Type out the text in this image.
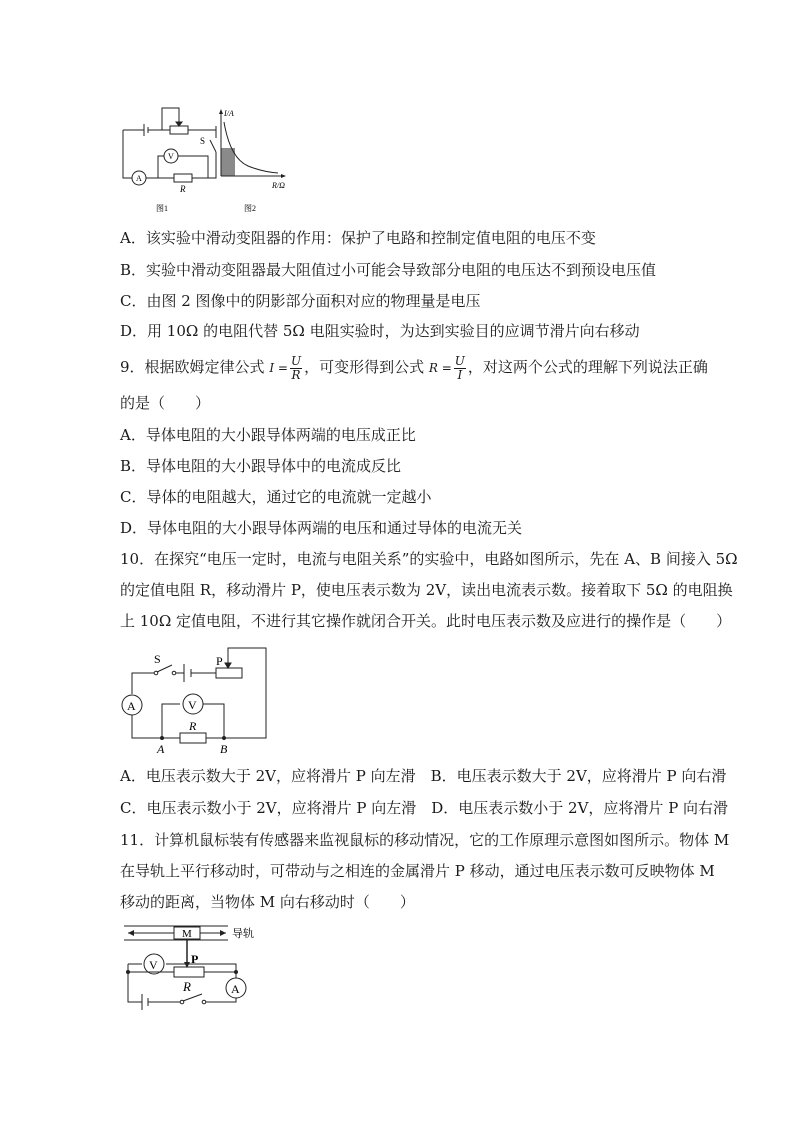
S
V
A
R
图1
I/A
R/Ω
图2
A．该实验中滑动变阻器的作用：保护了电路和控制定值电阻的电压不变
B．实验中滑动变阻器最大阻值过小可能会导致部分电阻的电压达不到预设电压值
C．由图 2 图像中的阴影部分面积对应的物理量是电压
D．用 10Ω 的电阻代替 5Ω 电阻实验时，为达到实验目的应调节滑片向右移动
9．根据欧姆定律公式 $I = \frac{U}{R}$ ，可变形得到公式 $R = \frac{U}{I}$ ，对这两个公式的理解下列说法正确
的是（　　）
A．导体电阻的大小跟导体两端的电压成正比
B．导体电阻的大小跟导体中的电流成反比
C．导体的电阻越大，通过它的电流就一定越小
D．导体电阻的大小跟导体两端的电压和通过导体的电流无关
10．在探究“电压一定时，电流与电阻关系”的实验中，电路如图所示，先在 A、B 间接入 5Ω
的定值电阻 R，移动滑片 P，使电压表示数为 2V，读出电流表示数。接着取下 5Ω 的电阻换
上 10Ω 定值电阻，不进行其它操作就闭合开关。此时电压表示数及应进行的操作是（　　）
S	P
A	V
R
A	B
A．电压表示数大于 2V，应将滑片 P 向左滑　B．电压表示数大于 2V，应将滑片 P 向右滑
C．电压表示数小于 2V，应将滑片 P 向左滑　D．电压表示数小于 2V，应将滑片 P 向右滑
11．计算机鼠标装有传感器来监视鼠标的移动情况，它的工作原理示意图如图所示。物体 M
在导轨上平行移动时，可带动与之相连的金属滑片 P 移动，通过电压表示数可反映物体 M
移动的距离，当物体 M 向右移动时（　　）
M	导轨
V	P
R	A
